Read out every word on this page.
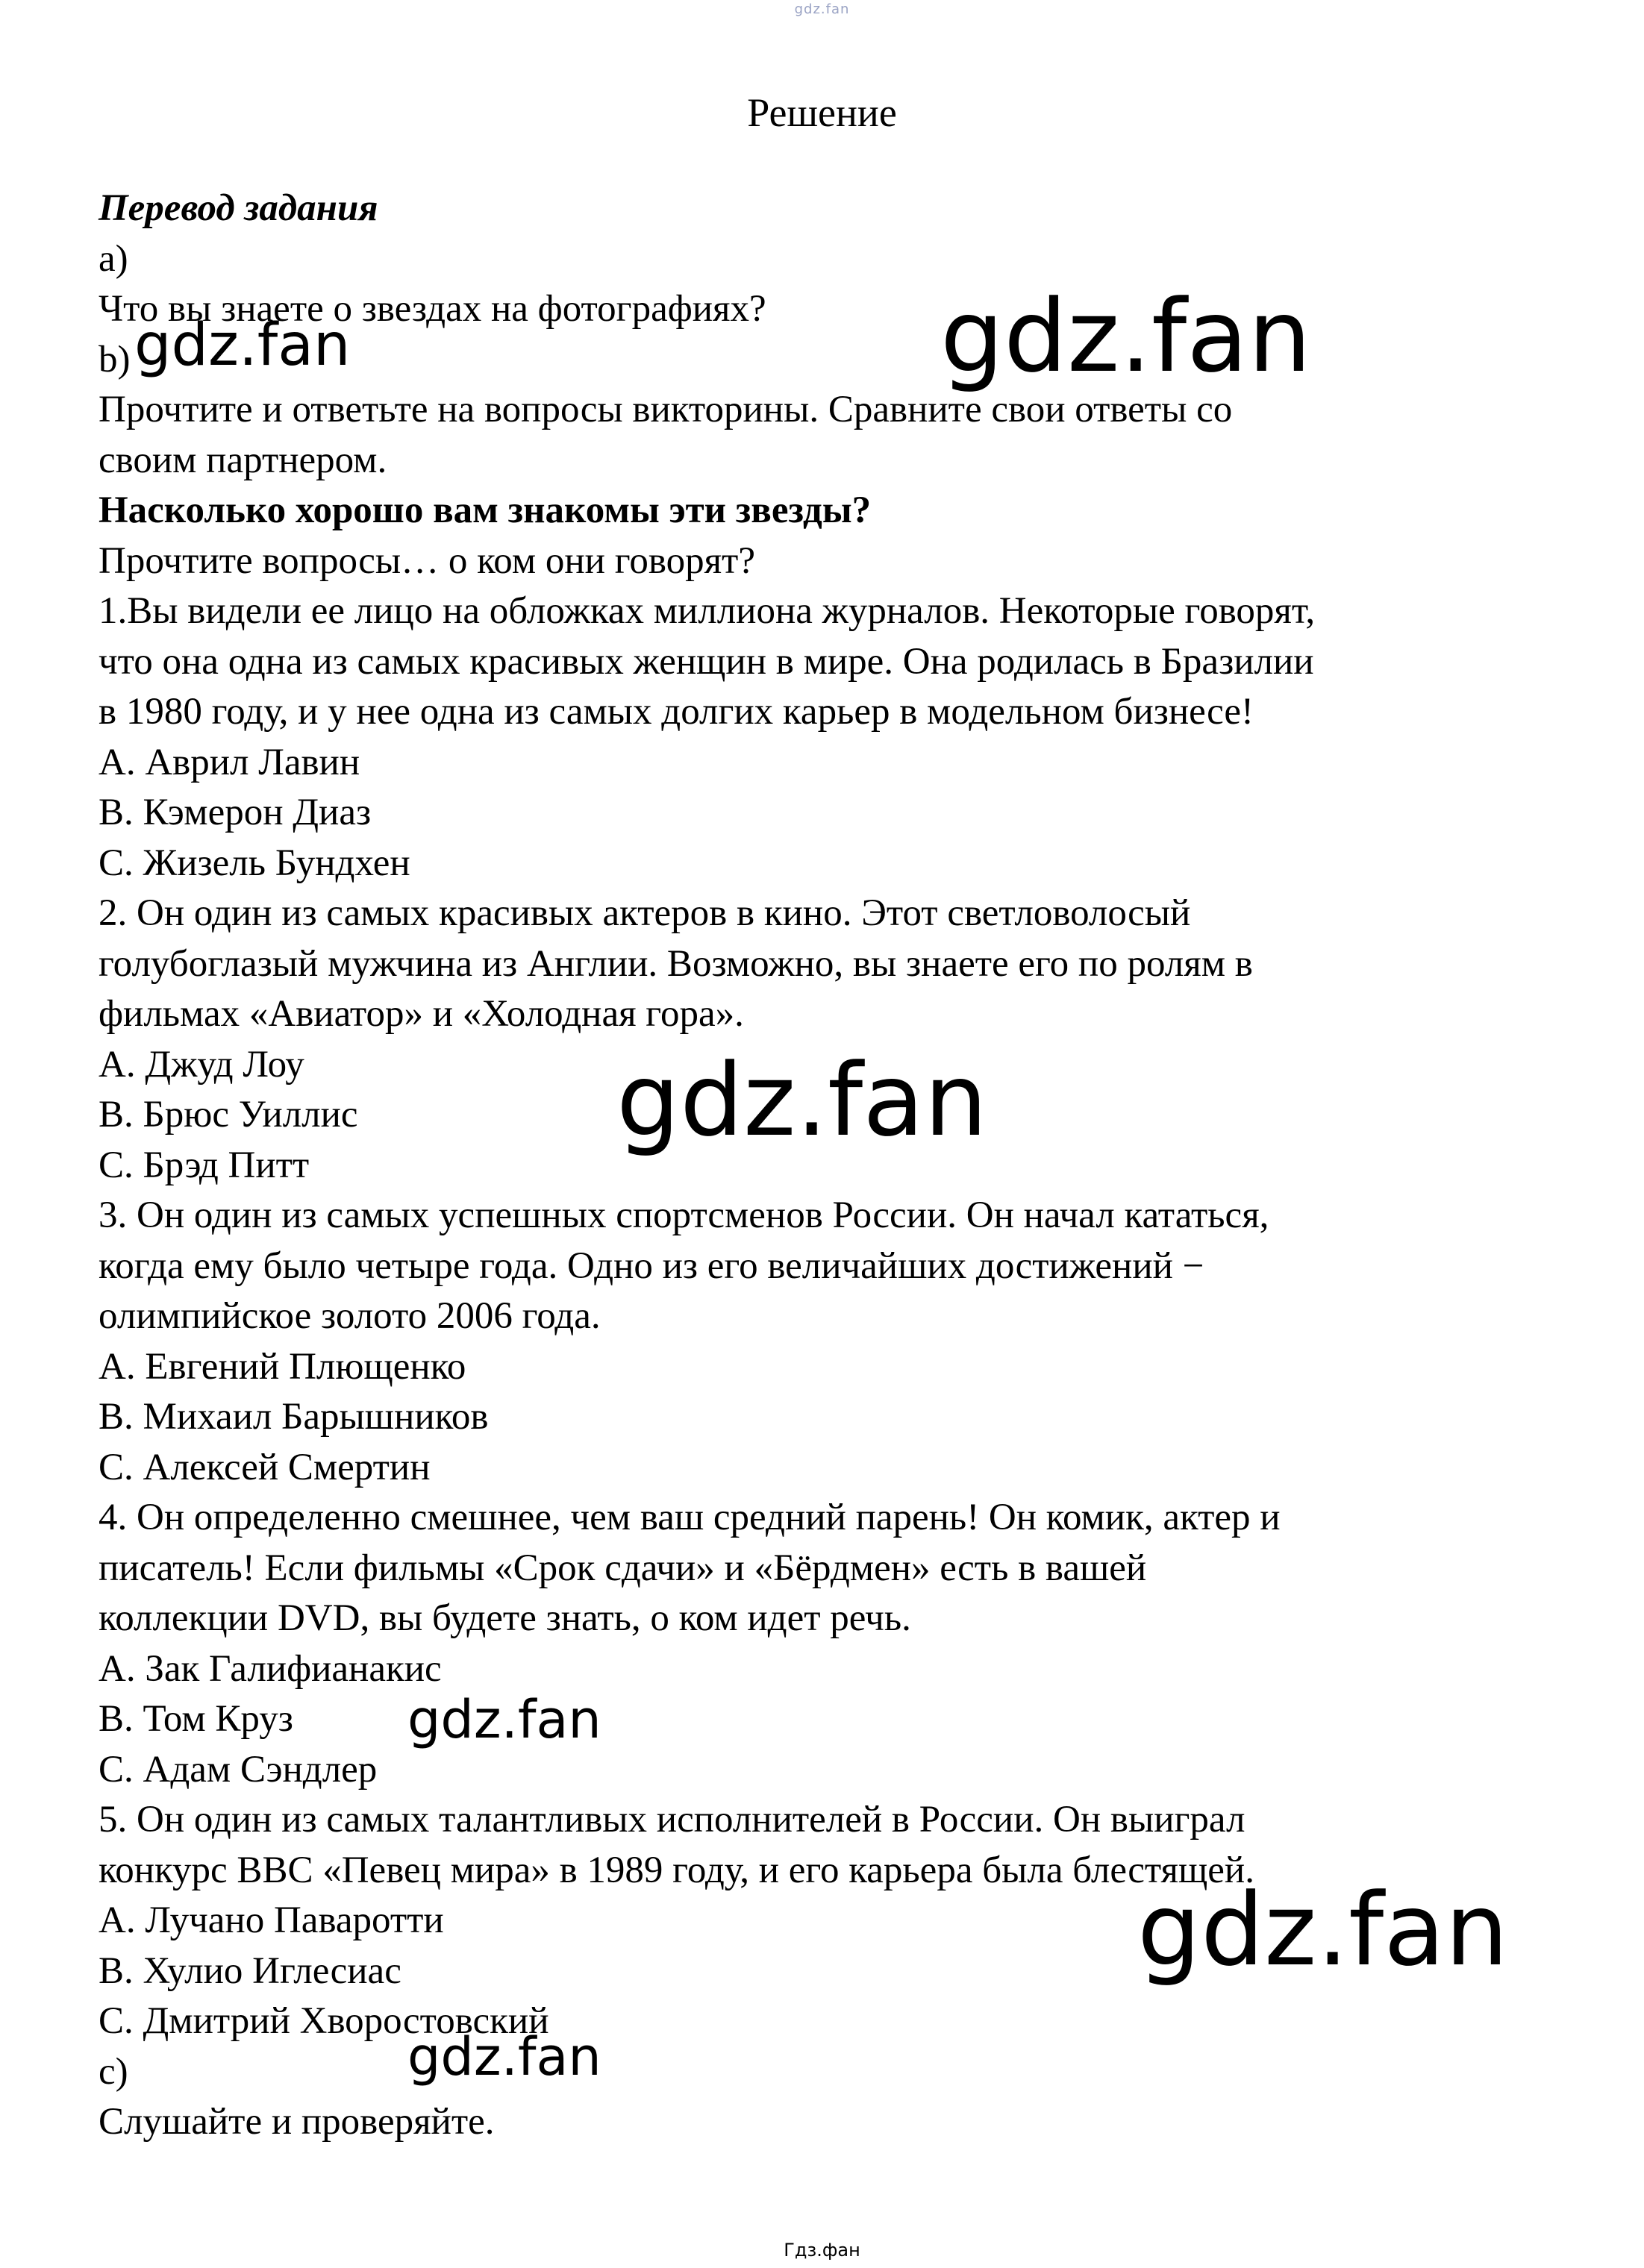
gdz.fan
Решение

Перевод задания

a)

Что вы знаете о звездах на фотографиях?

b)

Прочтите и ответьте на вопросы викторины. Сравните свои ответы со

своим партнером.

Насколько хорошо вам знакомы эти звезды?

Прочтите вопросы… о ком они говорят?

1.Вы видели ее лицо на обложках миллиона журналов. Некоторые говорят,

что она одна из самых красивых женщин в мире. Она родилась в Бразилии

в 1980 году, и у нее одна из самых долгих карьер в модельном бизнесе!

A. Аврил Лавин

B. Кэмерон Диаз

C. Жизель Бундхен

2. Он один из самых красивых актеров в кино. Этот светловолосый

голубоглазый мужчина из Англии. Возможно, вы знаете его по ролям в

фильмах «Авиатор» и «Холодная гора».

A. Джуд Лоу

B. Брюс Уиллис

C. Брэд Питт

3. Он один из самых успешных спортсменов России. Он начал кататься,

когда ему было четыре года. Одно из его величайших достижений −

олимпийское золото 2006 года.

A. Евгений Плющенко

B. Михаил Барышников

C. Алексей Смертин

4. Он определенно смешнее, чем ваш средний парень! Он комик, актер и

писатель! Если фильмы «Срок сдачи» и «Бёрдмен» есть в вашей

коллекции DVD, вы будете знать, о ком идет речь.

A. Зак Галифианакис

B. Том Круз

C. Адам Сэндлер

5. Он один из самых талантливых исполнителей в России. Он выиграл

конкурс BBC «Певец мира» в 1989 году, и его карьера была блестящей.

A. Лучано Паваротти

B. Хулио Иглесиас

C. Дмитрий Хворостовский

c)

Слушайте и проверяйте.

gdz.fan	gdz.fan
gdz.fan
gdz.fan
gdz.fan
gdz.fan
Гдз.фан
